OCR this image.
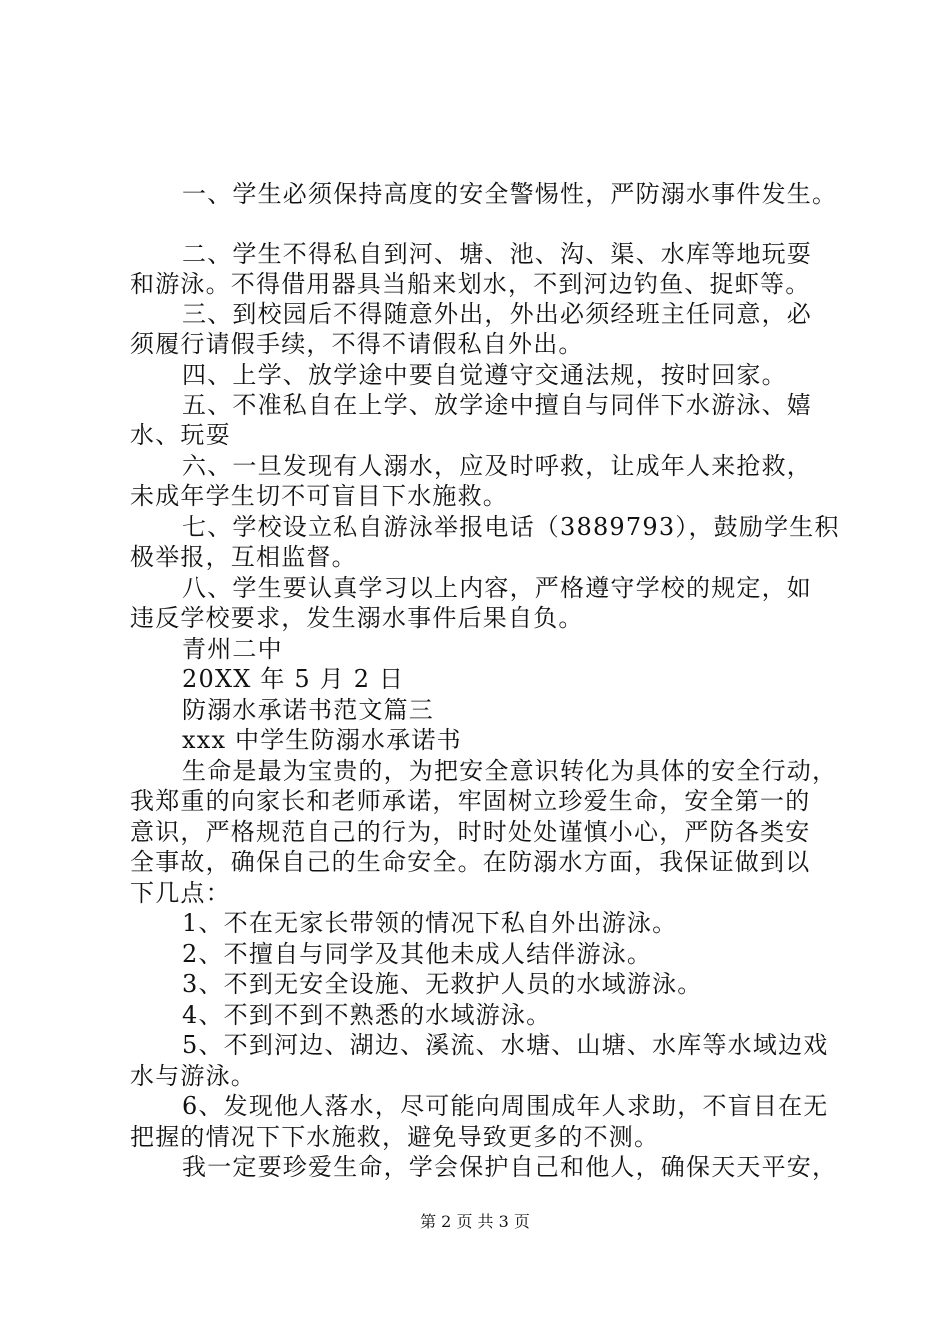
一、学生必须保持高度的安全警惕性，严防溺水事件发生。
二、学生不得私自到河、塘、池、沟、渠、水库等地玩耍
和游泳。不得借用器具当船来划水，不到河边钓鱼、捉虾等。
三、到校园后不得随意外出，外出必须经班主任同意，必
须履行请假手续，不得不请假私自外出。
四、上学、放学途中要自觉遵守交通法规，按时回家。
五、不准私自在上学、放学途中擅自与同伴下水游泳、嬉
水、玩耍
六、一旦发现有人溺水，应及时呼救，让成年人来抢救，
未成年学生切不可盲目下水施救。
七、学校设立私自游泳举报电话（3889793），鼓励学生积
极举报，互相监督。
八、学生要认真学习以上内容，严格遵守学校的规定，如
违反学校要求，发生溺水事件后果自负。
青州二中
20XX 年 5 月 2 日
防溺水承诺书范文篇三
xxx 中学生防溺水承诺书
生命是最为宝贵的，为把安全意识转化为具体的安全行动，
我郑重的向家长和老师承诺，牢固树立珍爱生命，安全第一的
意识，严格规范自己的行为，时时处处谨慎小心，严防各类安
全事故，确保自己的生命安全。在防溺水方面，我保证做到以
下几点：
1、不在无家长带领的情况下私自外出游泳。
2、不擅自与同学及其他未成人结伴游泳。
3、不到无安全设施、无救护人员的水域游泳。
4、不到不到不熟悉的水域游泳。
5、不到河边、湖边、溪流、水塘、山塘、水库等水域边戏
水与游泳。
6、发现他人落水，尽可能向周围成年人求助，不盲目在无
把握的情况下下水施救，避免导致更多的不测。
我一定要珍爱生命，学会保护自己和他人，确保天天平安，
第 2 页 共 3 页
